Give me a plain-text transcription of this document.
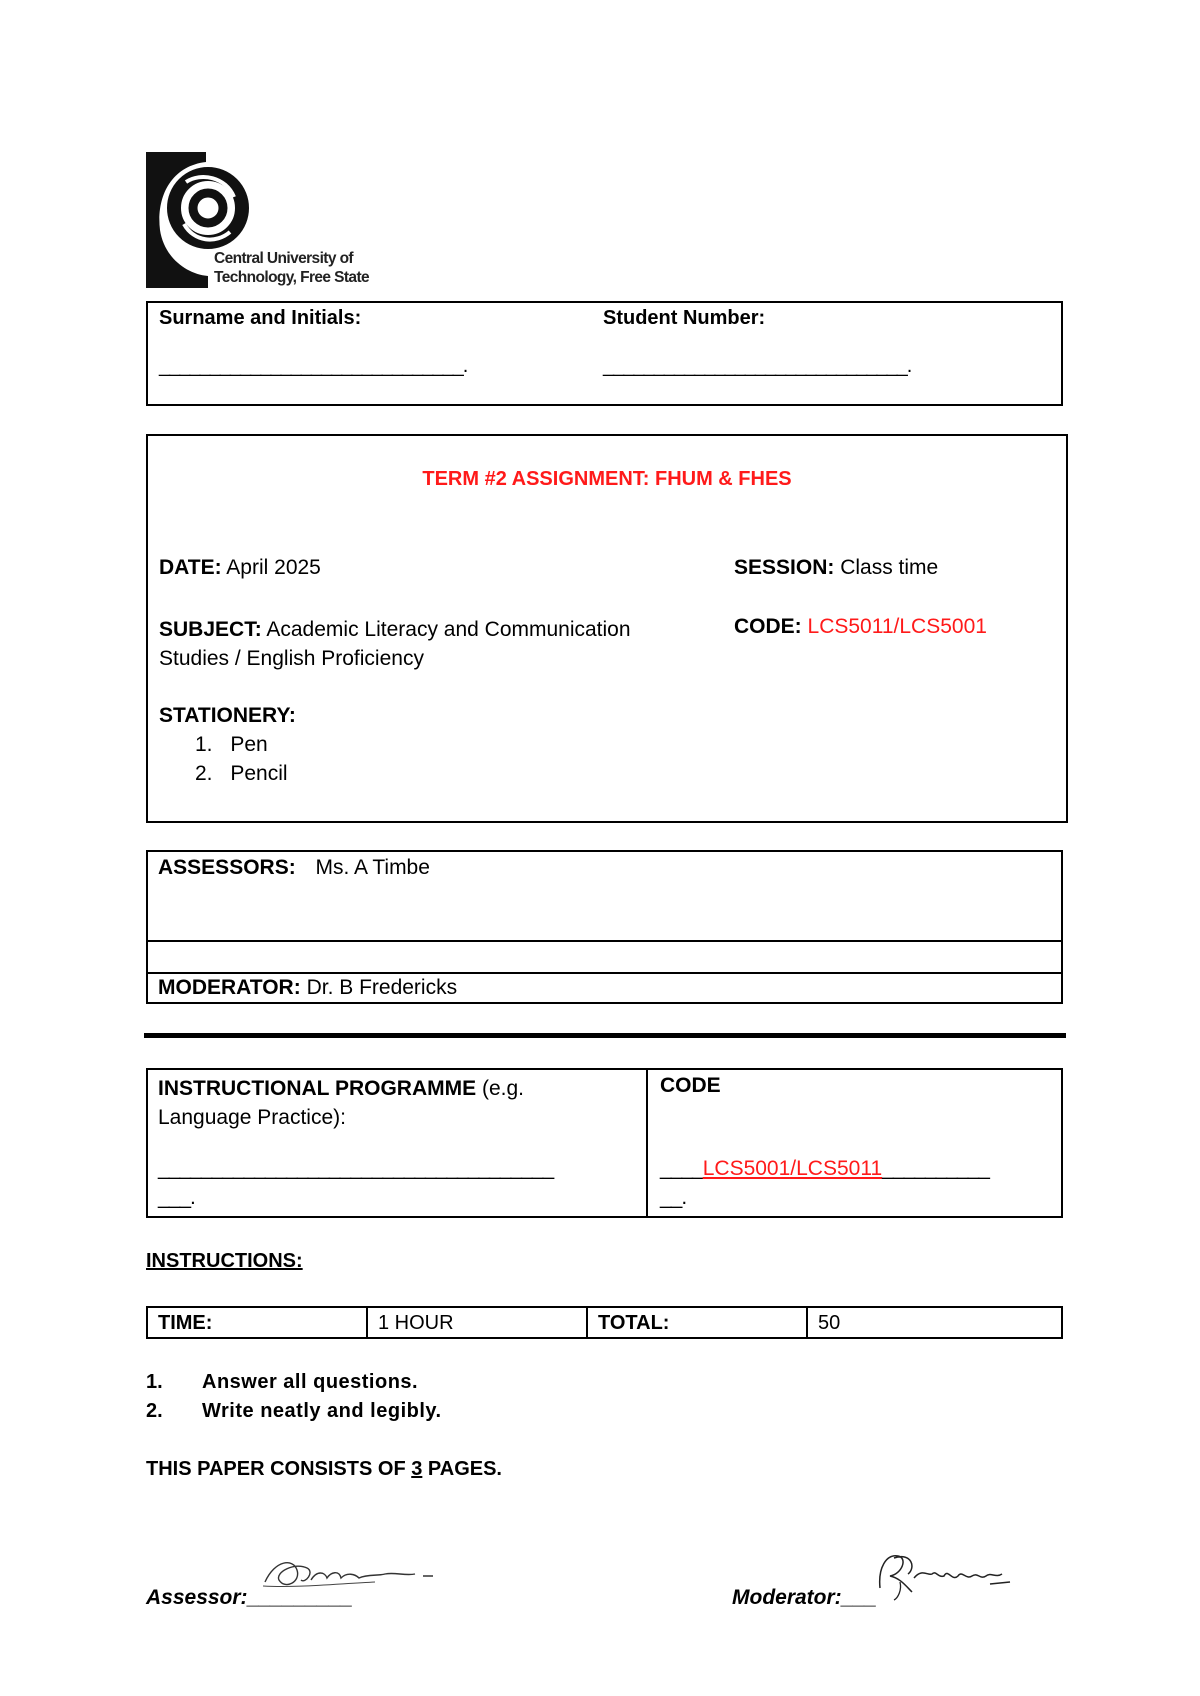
Central University of
Technology, Free State
Surname and Initials:	Student Number:
______________________________.	______________________________.
TERM #2 ASSIGNMENT: FHUM & FHES
DATE: April 2025	SESSION: Class time
SUBJECT: Academic Literacy and Communication
Studies / English Proficiency
CODE: LCS5011/LCS5001
STATIONERY:
1. Pen
2. Pencil
ASSESSORS: Ms. A Timbe
MODERATOR: Dr. B Fredericks
INSTRUCTIONAL PROGRAMME (e.g.
Language Practice):
_____________________________________
___.
CODE
____LCS5001/LCS5011__________
__.
INSTRUCTIONS:
TIME:	1 HOUR	TOTAL:	50
1. Answer all questions.
2. Write neatly and legibly.
THIS PAPER CONSISTS OF 3 PAGES.
Assessor:_________	Moderator:___
